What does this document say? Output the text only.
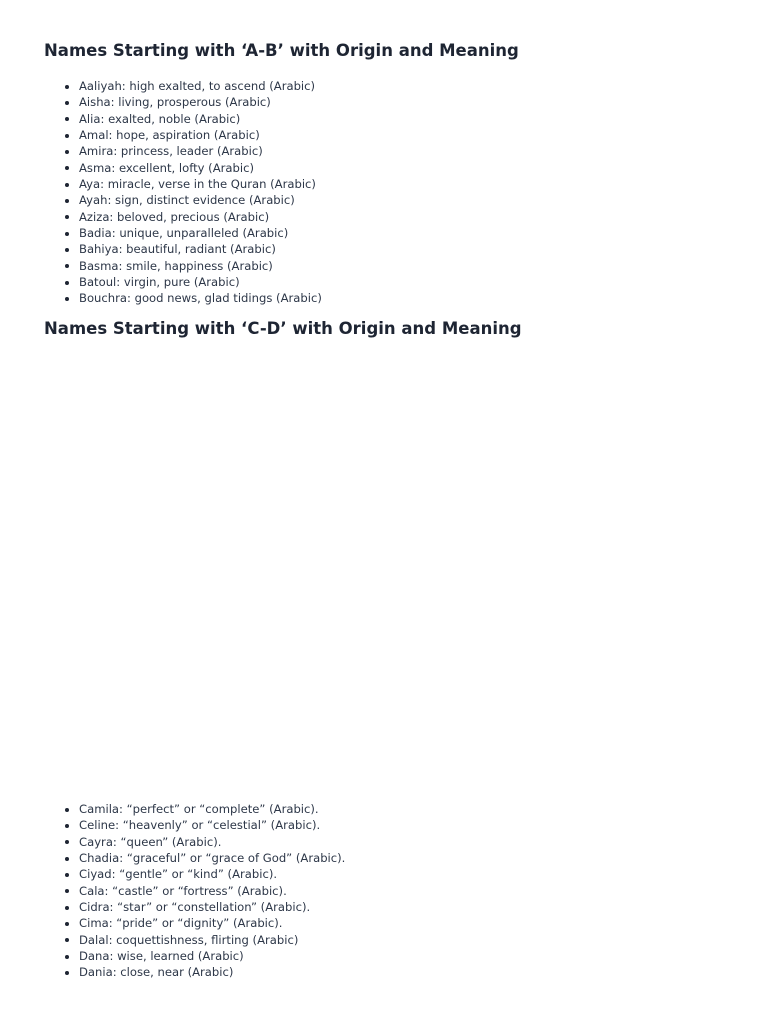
Names Starting with ‘A-B’ with Origin and Meaning
Aaliyah: high exalted, to ascend (Arabic)
Aisha: living, prosperous (Arabic)
Alia: exalted, noble (Arabic)
Amal: hope, aspiration (Arabic)
Amira: princess, leader (Arabic)
Asma: excellent, lofty (Arabic)
Aya: miracle, verse in the Quran (Arabic)
Ayah: sign, distinct evidence (Arabic)
Aziza: beloved, precious (Arabic)
Badia: unique, unparalleled (Arabic)
Bahiya: beautiful, radiant (Arabic)
Basma: smile, happiness (Arabic)
Batoul: virgin, pure (Arabic)
Bouchra: good news, glad tidings (Arabic)
Names Starting with ‘C-D’ with Origin and Meaning
Camila: “perfect” or “complete” (Arabic).
Celine: “heavenly” or “celestial” (Arabic).
Cayra: “queen” (Arabic).
Chadia: “graceful” or “grace of God” (Arabic).
Ciyad: “gentle” or “kind” (Arabic).
Cala: “castle” or “fortress” (Arabic).
Cidra: “star” or “constellation” (Arabic).
Cima: “pride” or “dignity” (Arabic).
Dalal: coquettishness, flirting (Arabic)
Dana: wise, learned (Arabic)
Dania: close, near (Arabic)
